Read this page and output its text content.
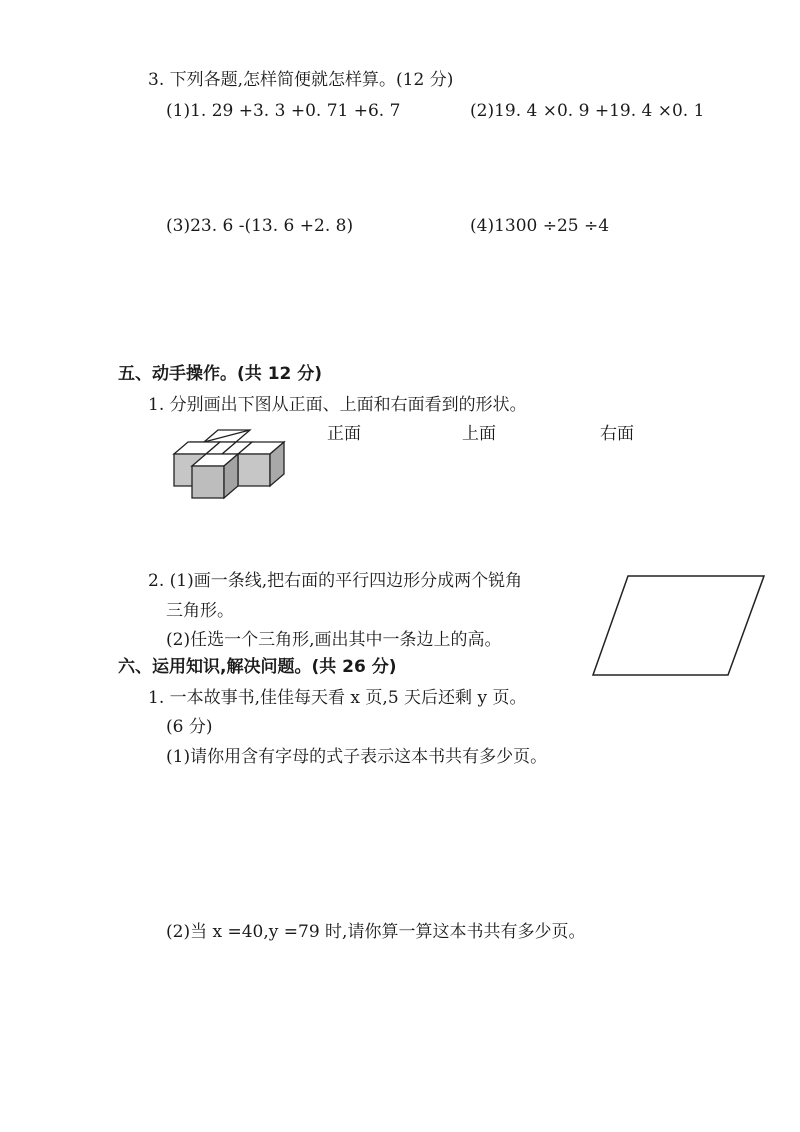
3. 下列各题,怎样简便就怎样算。(12 分)
(1)1. 29 +3. 3 +0. 71 +6. 7	(2)19. 4 ×0. 9 +19. 4 ×0. 1
(3)23. 6 -(13. 6 +2. 8)	(4)1300 ÷25 ÷4
五、动手操作。(共 12 分)
1. 分别画出下图从正面、上面和右面看到的形状。
正面	上面	右面
2. (1)画一条线,把右面的平行四边形分成两个锐角
三角形。
(2)任选一个三角形,画出其中一条边上的高。
六、运用知识,解决问题。(共 26 分)
1. 一本故事书,佳佳每天看 x 页,5 天后还剩 y 页。
(6 分)
(1)请你用含有字母的式子表示这本书共有多少页。
(2)当 x =40,y =79 时,请你算一算这本书共有多少页。
